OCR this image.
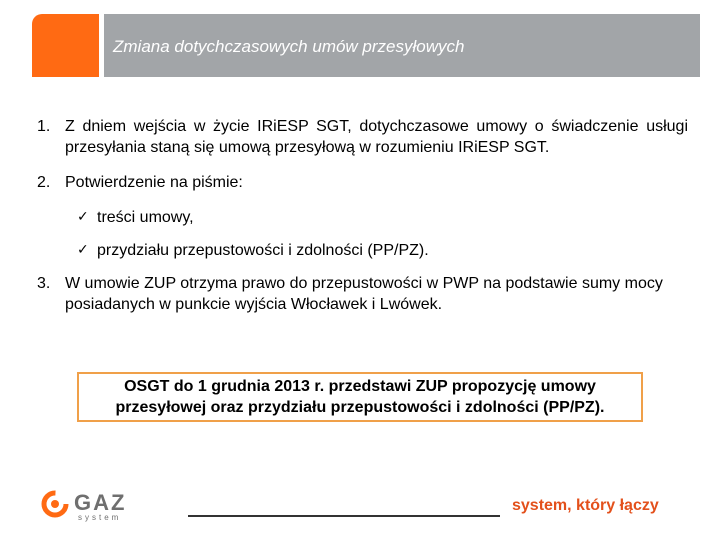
Zmiana dotychczasowych umów przesyłowych
1. Z dniem wejścia w życie IRiESP SGT, dotychczasowe umowy o świadczenie usługi przesyłania staną się umową przesyłową w rozumieniu IRiESP SGT.
2. Potwierdzenie na piśmie:
✓ treści umowy,
✓ przydziału przepustowości i zdolności (PP/PZ).
3. W umowie ZUP otrzyma prawo do przepustowości w PWP na podstawie sumy mocy posiadanych w punkcie wyjścia Włocławek i Lwówek.
OSGT do 1 grudnia 2013 r. przedstawi ZUP propozycję umowy przesyłowej oraz przydziału przepustowości i zdolności (PP/PZ).
GAZ
system
system, który łączy
